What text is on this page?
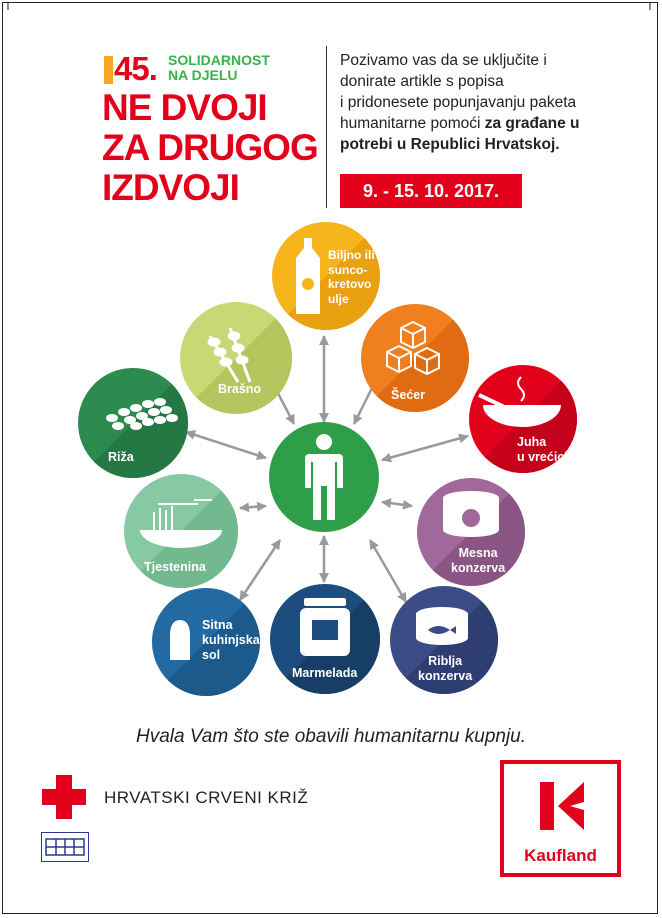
45. SOLIDARNOST
NA DJELU
NE DVOJI
ZA DRUGOG
IZDVOJI
Pozivamo vas da se uključite i
donirate artikle s popisa
i pridonesete popunjavanju paketa
humanitarne pomoći za građane u
potrebi u Republici Hrvatskoj.
9. - 15. 10. 2017.
Biljno ili
sunco-
kretovo
ulje
Šećer
Juha
u vrećici
Mesna
konzerva
Riblja
konzerva
Marmelada
Sitna
kuhinjska
sol
Tjestenina
Riža
Brašno
Hvala Vam što ste obavili humanitarnu kupnju.
HRVATSKI CRVENI KRIŽ
Kaufland
